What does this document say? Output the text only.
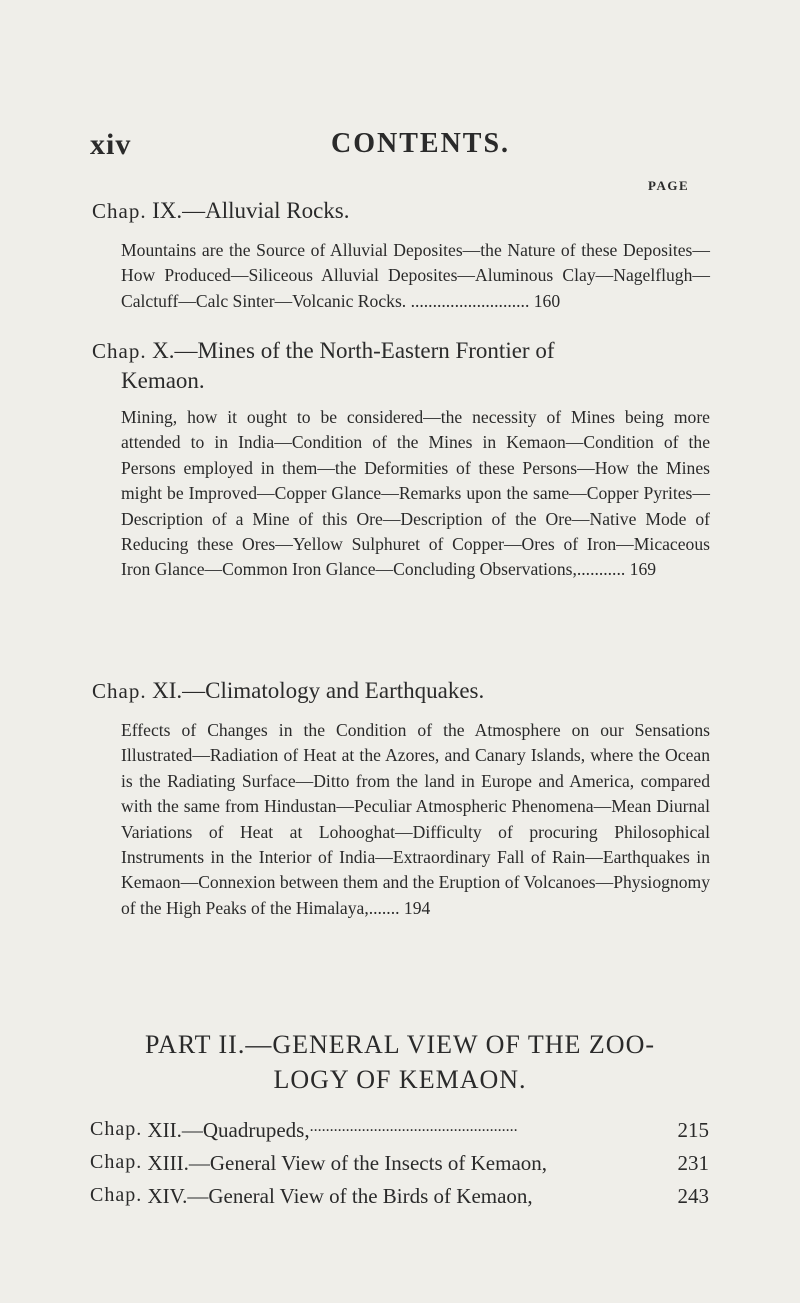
xiv	CONTENTS.
PAGE
Chap. IX.—Alluvial Rocks.

Mountains are the Source of Alluvial Deposites—the Nature of these Deposites—How Produced—Siliceous Alluvial Deposites—Aluminous Clay—Nagelflugh—Calctuff—Calc Sinter—Volcanic Rocks. ........................... 160

Chap. X.—Mines of the North-Eastern Frontier of
Kemaon.

Mining, how it ought to be considered—the necessity of Mines being more attended to in India—Condition of the Mines in Kemaon—Condition of the Persons employed in them—the Deformities of these Persons—How the Mines might be Improved—Copper Glance—Remarks upon the same—Copper Pyrites—Description of a Mine of this Ore—Description of the Ore—Native Mode of Reducing these Ores—Yellow Sulphuret of Copper—Ores of Iron—Micaceous Iron Glance—Common Iron Glance—Concluding Observations,........... 169

Chap. XI.—Climatology and Earthquakes.

Effects of Changes in the Condition of the Atmosphere on our Sensations Illustrated—Radiation of Heat at the Azores, and Canary Islands, where the Ocean is the Radiating Surface—Ditto from the land in Europe and America, compared with the same from Hindustan—Peculiar Atmospheric Phenomena—Mean Diurnal Variations of Heat at Lohooghat—Difficulty of procuring Philosophical Instruments in the Interior of India—Extraordinary Fall of Rain—Earthquakes in Kemaon—Connexion between them and the Eruption of Volcanoes—Physiognomy of the High Peaks of the Himalaya,....... 194

PART II.—GENERAL VIEW OF THE ZOO-

LOGY OF KEMAON.

Chap.
XII.—Quadrupeds, ....................................................	215
Chap.
XIII.—General View of the Insects of Kemaon,	231
Chap.
XIV.—General View of the Birds of Kemaon,	243
